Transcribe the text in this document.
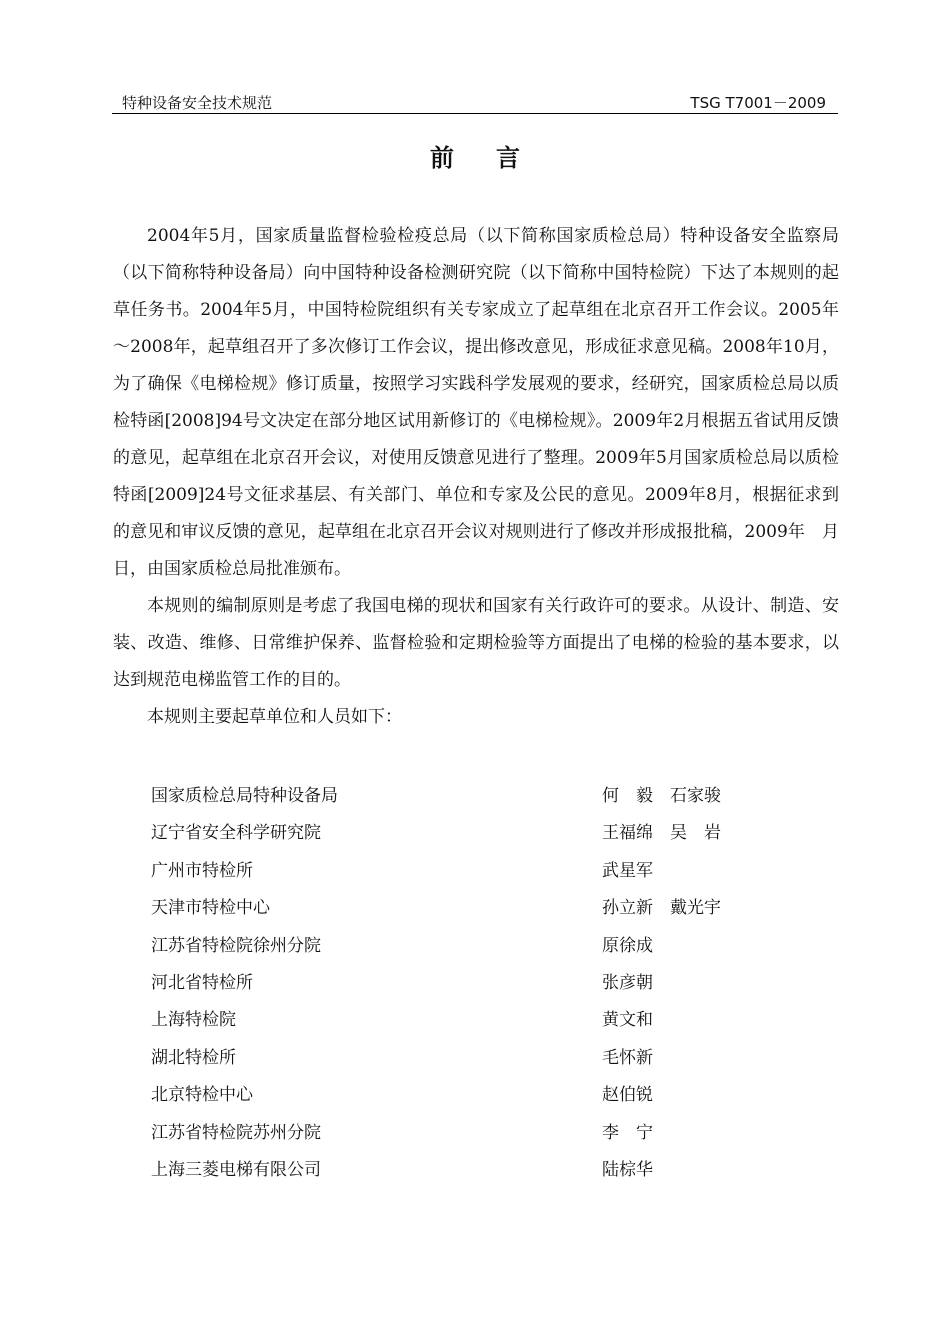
特种设备安全技术规范	TSG T7001－2009
前言

2004年5月，国家质量监督检验检疫总局（以下简称国家质检总局）特种设备安全监察局（以下简称特种设备局）向中国特种设备检测研究院（以下简称中国特检院）下达了本规则的起草任务书。2004年5月，中国特检院组织有关专家成立了起草组在北京召开工作会议。2005年～2008年，起草组召开了多次修订工作会议，提出修改意见，形成征求意见稿。2008年10月，为了确保《电梯检规》修订质量，按照学习实践科学发展观的要求，经研究，国家质检总局以质检特函[2008]94号文决定在部分地区试用新修订的《电梯检规》。2009年2月根据五省试用反馈的意见，起草组在北京召开会议，对使用反馈意见进行了整理。2009年5月国家质检总局以质检特函[2009]24号文征求基层、有关部门、单位和专家及公民的意见。2009年8月，根据征求到的意见和审议反馈的意见，起草组在北京召开会议对规则进行了修改并形成报批稿，2009年　月　日，由国家质检总局批准颁布。

本规则的编制原则是考虑了我国电梯的现状和国家有关行政许可的要求。从设计、制造、安装、改造、维修、日常维护保养、监督检验和定期检验等方面提出了电梯的检验的基本要求，以达到规范电梯监管工作的目的。

本规则主要起草单位和人员如下：

国家质检总局特种设备局	何　毅　石家骏
辽宁省安全科学研究院	王福绵　吴　岩
广州市特检所	武星军
天津市特检中心	孙立新　戴光宇
江苏省特检院徐州分院	原徐成
河北省特检所	张彦朝
上海特检院	黄文和
湖北特检所	毛怀新
北京特检中心	赵伯锐
江苏省特检院苏州分院	李　宁
上海三菱电梯有限公司	陆棕华
